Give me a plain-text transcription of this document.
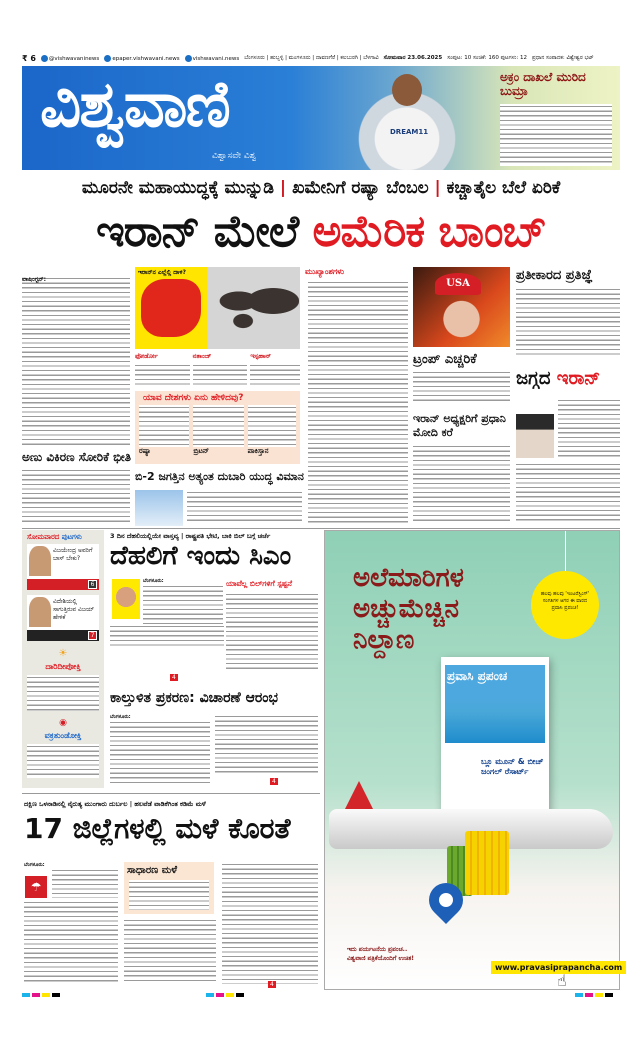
₹ 6	@vishwavaninews	epaper.vishwavani.news	vishwavani.news ಬೆಂಗಳೂರು | ಹುಬ್ಬಳ್ಳಿ | ಮಂಗಳೂರು | ದಾವಣಗೆರೆ | ಕಲಬುರಗಿ | ಬೆಳಗಾವಿ ಸೋಮವಾರ 23.06.2025 ಸಂಪುಟ: 10 ಸಂಚಿಕೆ: 160 ಪುಟಗಳು: 12 ಪ್ರಧಾನ ಸಂಪಾದಕ: ವಿಶ್ವೇಶ್ವರ ಭಟ್
ವಿಶ್ವವಾಣಿ
ವಿಶ್ವಾಸವೇ ವಿಶ್ವ
DREAM11
ಅಕ್ರಂ ದಾಖಲೆ ಮುರಿದ ಬುಮ್ರಾ
ಮೂರನೇ ಮಹಾಯುದ್ಧಕ್ಕೆ ಮುನ್ನುಡಿ | ಖಮೇನಿಗೆ ರಷ್ಯಾ ಬೆಂಬಲ | ಕಚ್ಚಾತೈಲ ಬೆಲೆ ಏರಿಕೆ
ಇರಾನ್ ಮೇಲೆ ಅಮೆರಿಕ ಬಾಂಬ್
ವಾಷಿಂಗ್ಟನ್:
ಅಣು ವಿಕಿರಣ ಸೋರಿಕೆ ಭೀತಿ
ಇರಾನ್‌ನ ಎಲ್ಲೆಲ್ಲಿ ದಾಳಿ?
ಫೋರ್ಡೋ	ನತಾಂಜ್	ಇಸ್ಫಹಾನ್
ಯಾವ ದೇಶಗಳು ಏನು ಹೇಳಿದವು?
ರಷ್ಯಾ	ಬ್ರಿಟನ್	ಪಾಕಿಸ್ತಾನ
ಬಿ-2 ಜಗತ್ತಿನ ಅತ್ಯಂತ ದುಬಾರಿ ಯುದ್ಧ ವಿಮಾನ
ಮುಖ್ಯಾಂಶಗಳು
USA
ಟ್ರಂಪ್ ಎಚ್ಚರಿಕೆ
ಇರಾನ್ ಅಧ್ಯಕ್ಷರಿಗೆ ಪ್ರಧಾನಿ ಮೋದಿ ಕರೆ
ಪ್ರತೀಕಾರದ ಪ್ರತಿಜ್ಞೆ
ಜಗ್ಗದ ಇರಾನ್
ಸೋಮವಾರದ ಪುಟಗಳು
ವಿಜಯೇಂದ್ರ ಅವರಿಗೆ ಬಾಸ್ ಬೇಕು?
6
ವಿದೇಶಿಯಲ್ಲಿ ಸಾಗುತ್ತಿರುವ ವಿಜಯ್ ಹೇಳಿಕೆ
7
☀
ದಾರಿದೀಪೋಕ್ತಿ
◉
ವಕ್ರತುಂಡೋಕ್ತಿ
3 ದಿನ ದೆಹಲಿಯಲ್ಲಿಯೇ ವಾಸ್ತವ್ಯ | ರಾಷ್ಟ್ರಪತಿ ಭೇಟಿ, ಬಾಕಿ ಬಿಲ್ ಬಗ್ಗೆ ಚರ್ಚೆ
ದೆಹಲಿಗೆ ಇಂದು ಸಿಎಂ
ಬೆಂಗಳೂರು:
4
ಯಾವೆಲ್ಲ ಬಿಲ್‌ಗಳಿಗೆ ಸ್ಪಷ್ಟನೆ
ಕಾಲ್ತುಳಿತ ಪ್ರಕರಣ: ವಿಚಾರಣೆ ಆರಂಭ
ಬೆಂಗಳೂರು:
4
ದಕ್ಷಿಣ ಒಳನಾಡಿನಲ್ಲಿ ನೈರುತ್ಯ ಮುಂಗಾರು ದುರ್ಬಲ | ಹಲವೆಡೆ ವಾಡಿಕೆಗಿಂತ ಕಡಿಮೆ ಮಳೆ
17 ಜಿಲ್ಲೆಗಳಲ್ಲಿ ಮಳೆ ಕೊರತೆ
ಬೆಂಗಳೂರು:
☂
ಸಾಧಾರಣ ಮಳೆ
4
ಅಲೆಮಾರಿಗಳ ಅಚ್ಚುಮೆಚ್ಚಿನ ನಿಲ್ದಾಣ
ಹಲವು ಹಲವು 'ಇಂಟರೆಸ್ಟಿಂಗ್' ಸಂಗತಿಗಳ ಆಗರ ಈ ವಾರದ ಪ್ರವಾಸಿ ಪ್ರಪಂಚ!
ಪ್ರವಾಸಿ ಪ್ರಪಂಚ
ಬ್ಲೂ ಮೂನ್ & ಬೀಚ್ ಜಂಗಲ್ ರೆಸಾರ್ಟ್
ಇದು ಪರ್ಯಟನೆಯ ಪ್ರಪಂಚ.. ವಿಶ್ವವಾಣಿ ಪತ್ರಿಕೆಯೊಂದಿಗೆ ಉಚಿತ!
www.pravasiprapancha.com
☝
